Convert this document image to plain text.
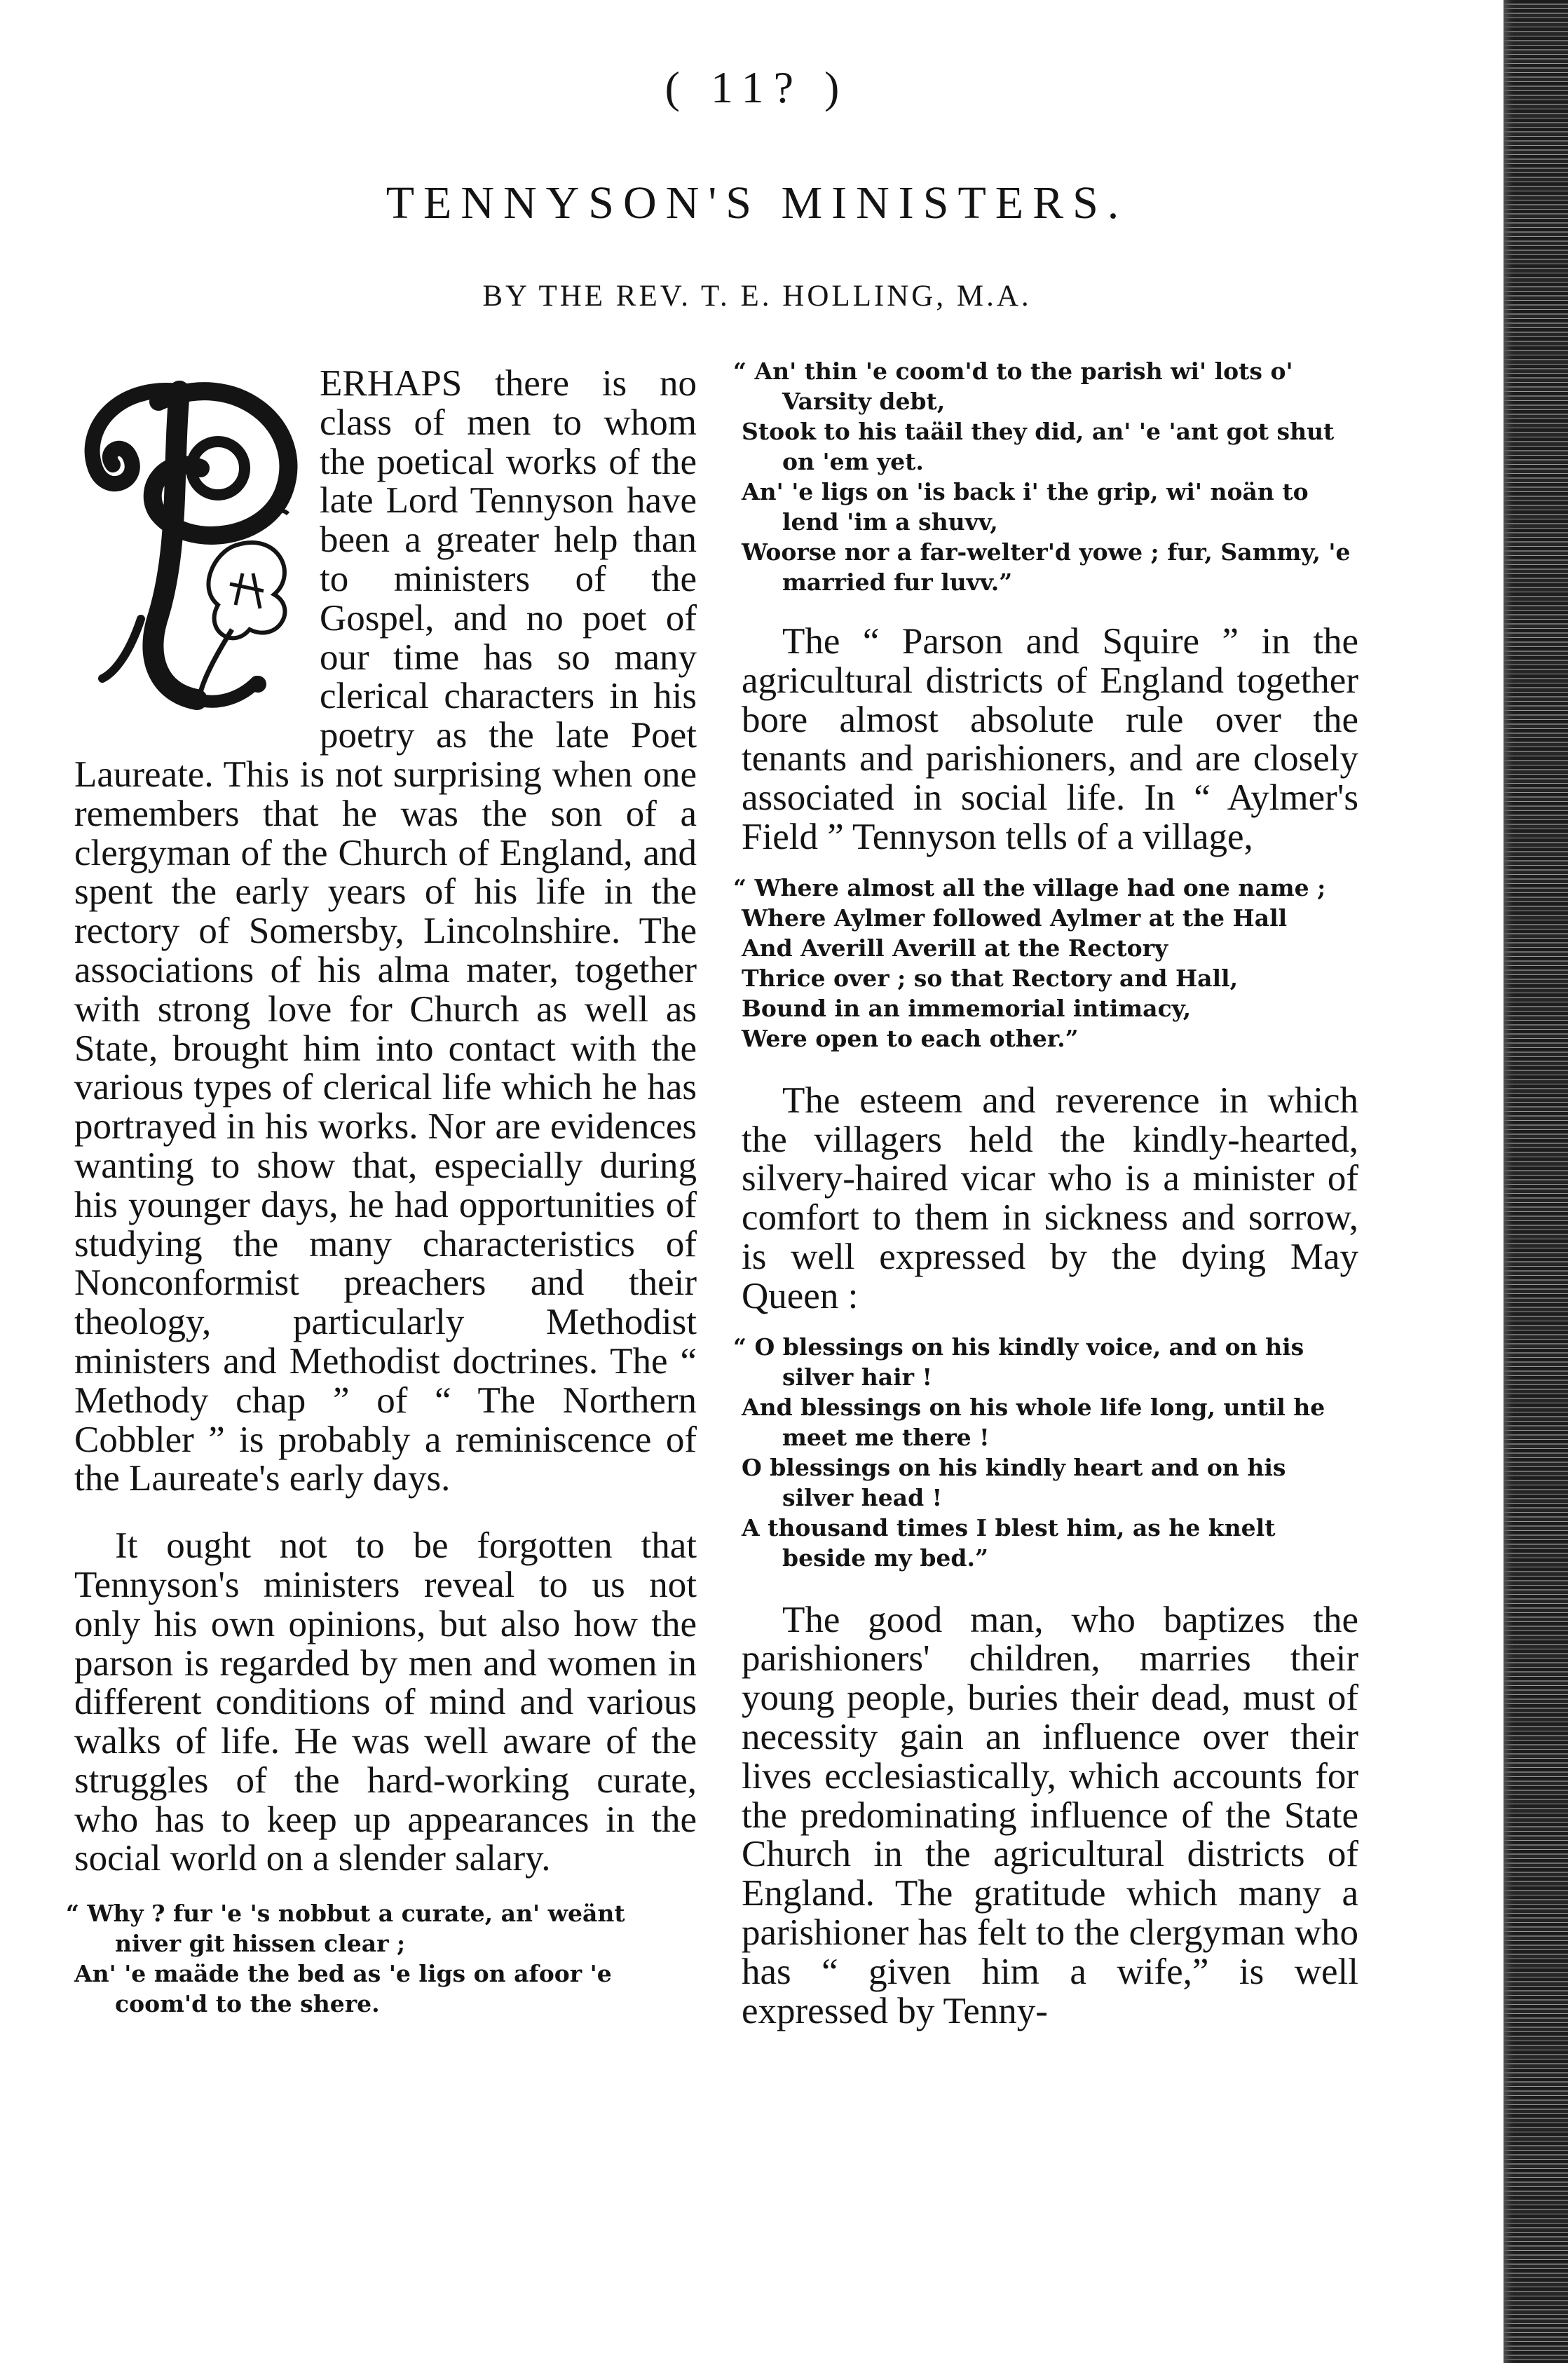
( 11? )
TENNYSON'S MINISTERS.
BY THE REV. T. E. HOLLING, M.A.

ERHAPS there is no class of men to whom the poetical works of the late Lord Tennyson have been a greater help than to ministers of the Gospel, and no poet of our time has so many clerical characters in his poetry as the late Poet Laureate. This is not surprising when one remembers that he was the son of a clergyman of the Church of England, and spent the early years of his life in the rectory of Somersby, Lincolnshire. The associations of his alma mater, together with strong love for Church as well as State, brought him into contact with the various types of clerical life which he has portrayed in his works. Nor are evidences wanting to show that, especially during his younger days, he had opportunities of studying the many characteristics of Nonconformist preachers and their theology, particularly Methodist ministers and Methodist doctrines. The “ Methody chap ” of “ The Northern Cobbler ” is probably a reminiscence of the Laureate's early days.

It ought not to be forgotten that Tennyson's ministers reveal to us not only his own opinions, but also how the parson is regarded by men and women in different conditions of mind and various walks of life. He was well aware of the struggles of the hard-working curate, who has to keep up appearances in the social world on a slender salary.

“ Why ? fur 'e 's nobbut a curate, an' weänt niver git hissen clear ;
An' 'e maäde the bed as 'e ligs on afoor 'e coom'd to the shere.
“ An' thin 'e coom'd to the parish wi' lots o' Varsity debt,
Stook to his taäil they did, an' 'e 'ant got shut on 'em yet.
An' 'e ligs on 'is back i' the grip, wi' noän to lend 'im a shuvv,
Woorse nor a far-welter'd yowe ; fur, Sammy, 'e married fur luvv.”

The “ Parson and Squire ” in the agricultural districts of England together bore almost absolute rule over the tenants and parishioners, and are closely associated in social life. In “ Aylmer's Field ” Tennyson tells of a village,

“ Where almost all the village had one name ;
Where Aylmer followed Aylmer at the Hall
And Averill Averill at the Rectory
Thrice over ; so that Rectory and Hall,
Bound in an immemorial intimacy,
Were open to each other.”

The esteem and reverence in which the villagers held the kindly-hearted, silvery-haired vicar who is a minister of comfort to them in sickness and sorrow, is well expressed by the dying May Queen :

“ O blessings on his kindly voice, and on his silver hair !
And blessings on his whole life long, until he meet me there !
O blessings on his kindly heart and on his silver head !
A thousand times I blest him, as he knelt beside my bed.”

The good man, who baptizes the parishioners' children, marries their young people, buries their dead, must of necessity gain an influence over their lives ecclesiastically, which accounts for the predominating influence of the State Church in the agricultural districts of England. The gratitude which many a parishioner has felt to the clergyman who has “ given him a wife,” is well expressed by Tenny-
